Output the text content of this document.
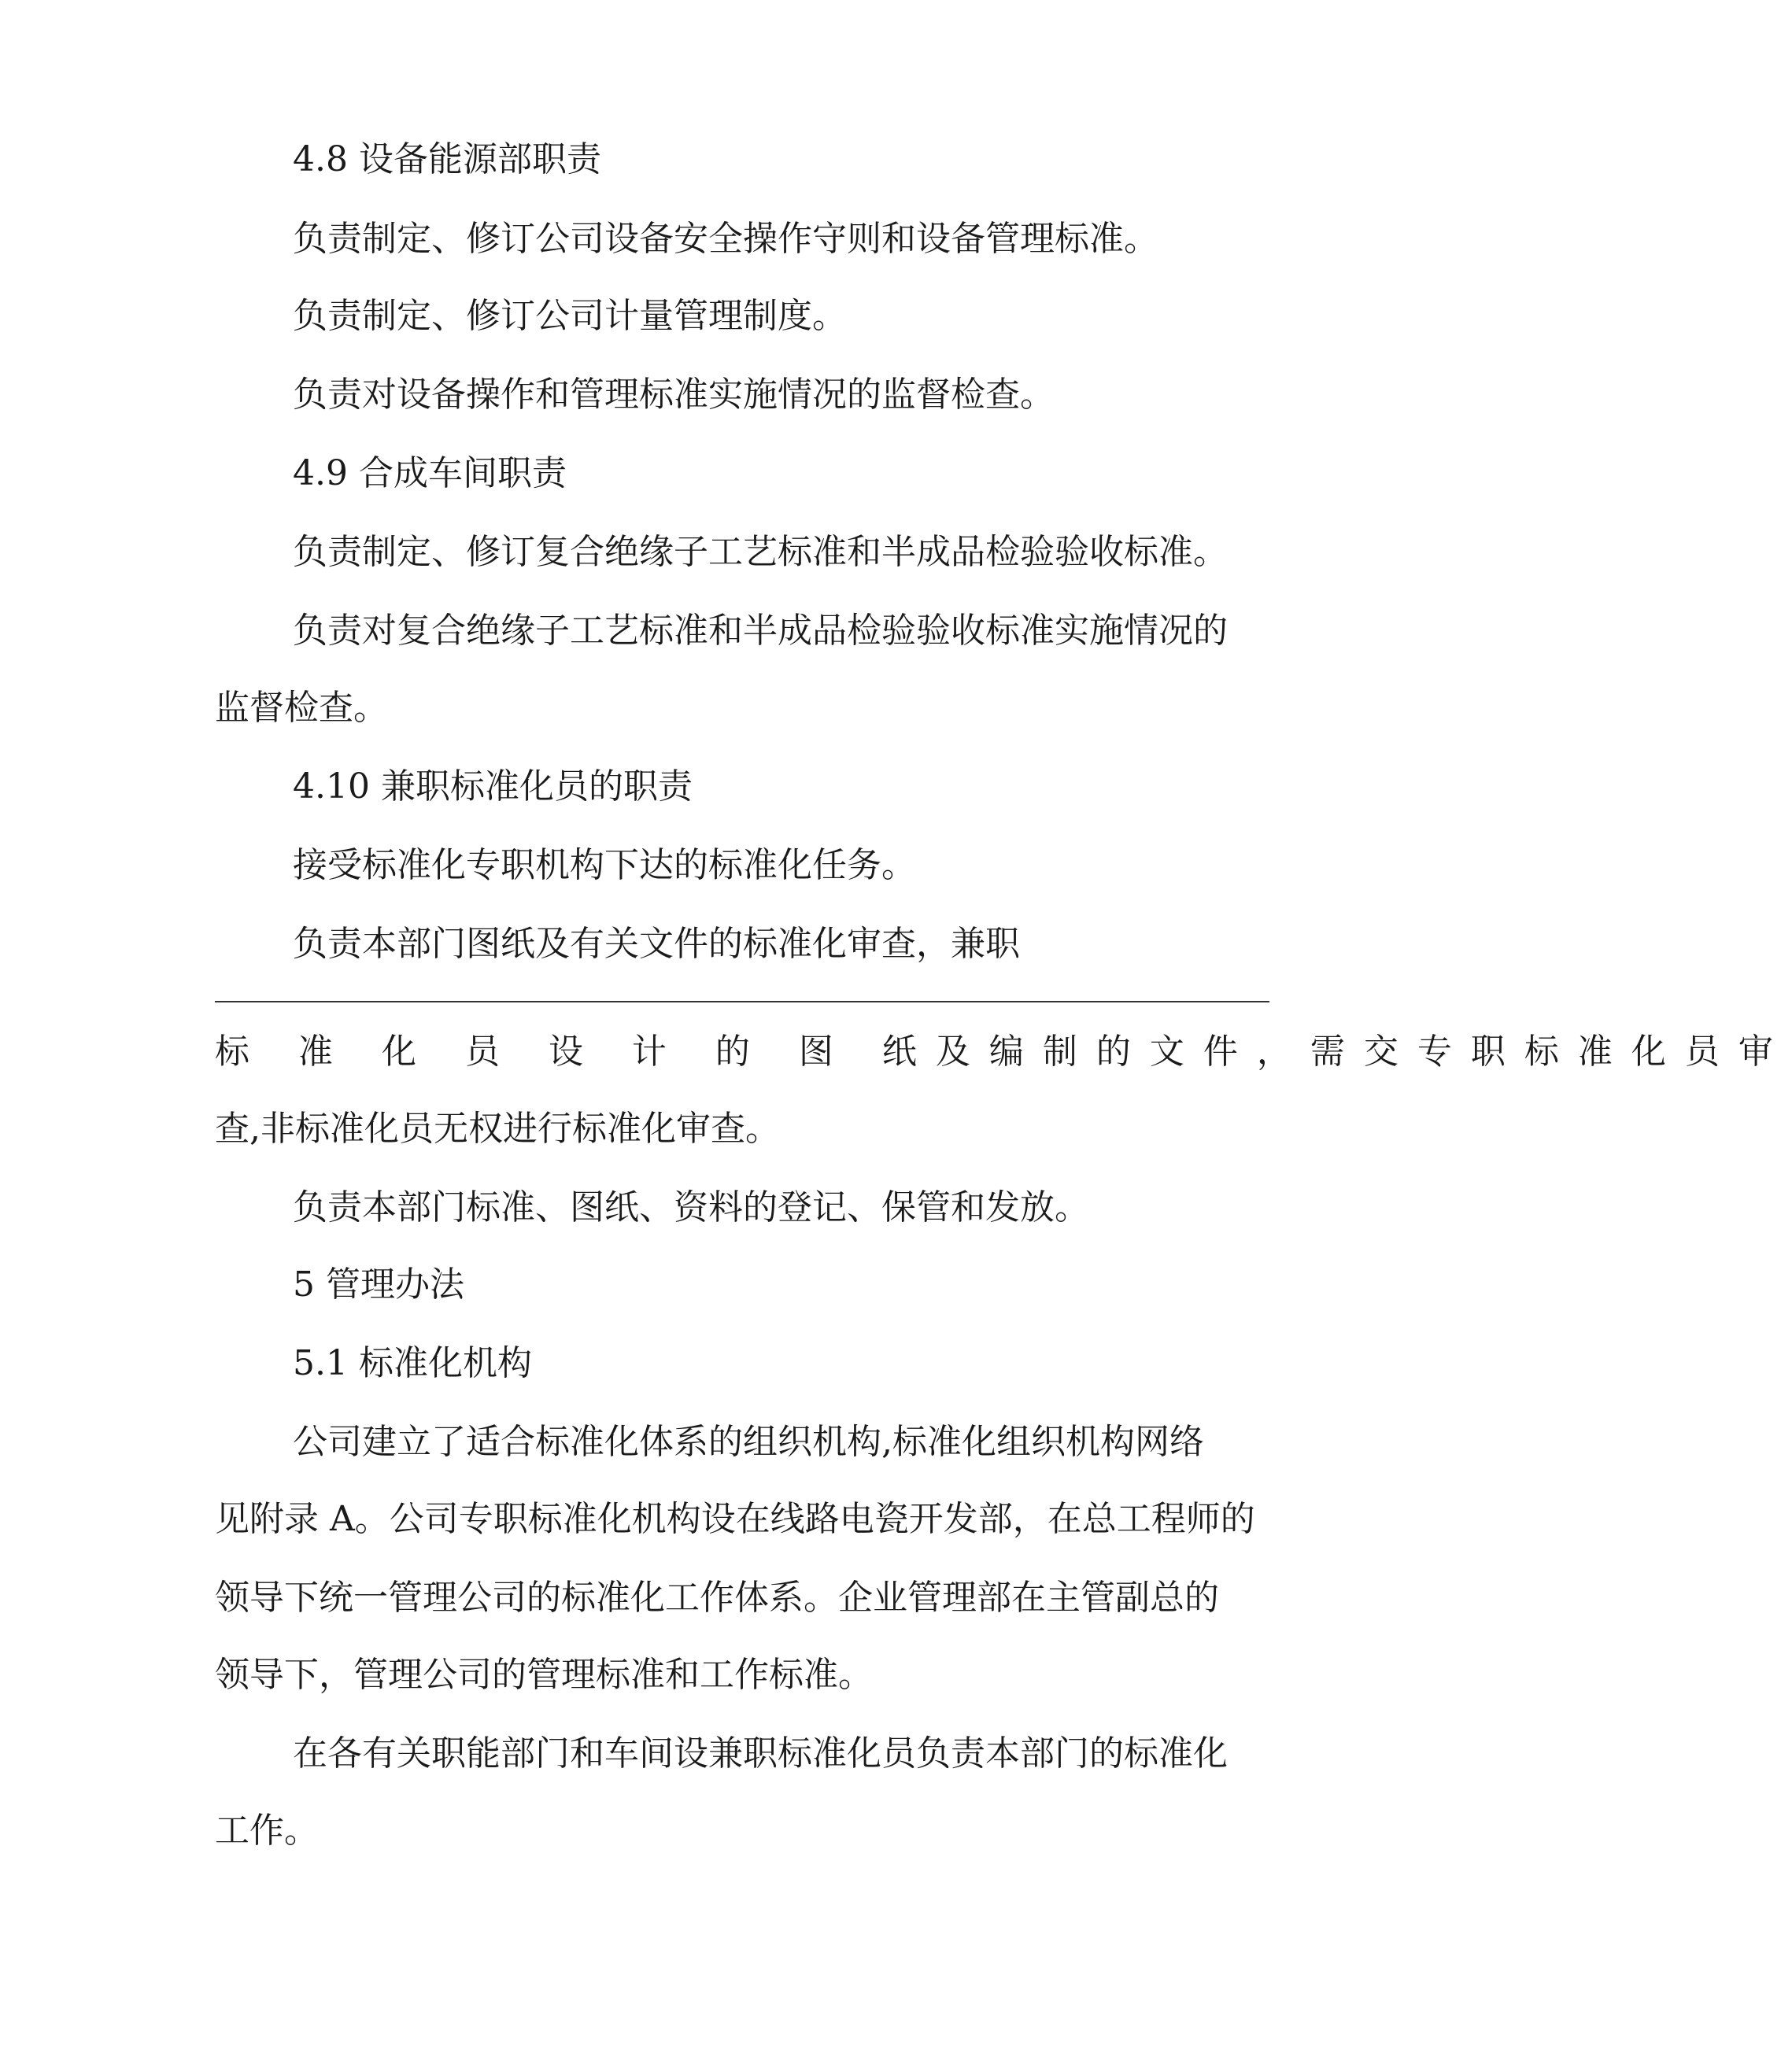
4.8 设备能源部职责
负责制定、修订公司设备安全操作守则和设备管理标准。
负责制定、修订公司计量管理制度。
负责对设备操作和管理标准实施情况的监督检查。
4.9 合成车间职责
负责制定、修订复合绝缘子工艺标准和半成品检验验收标准。
负责对复合绝缘子工艺标准和半成品检验验收标准实施情况的
监督检查。
4.10 兼职标准化员的职责
接受标准化专职机构下达的标准化任务。
负责本部门图纸及有关文件的标准化审查，兼职
标 准 化 员 设 计 的 图 纸及编制的文件，需交专职标准化员审
查,非标准化员无权进行标准化审查。
负责本部门标准、图纸、资料的登记、保管和发放。
5 管理办法
5.1 标准化机构
公司建立了适合标准化体系的组织机构,标准化组织机构网络
见附录 A。公司专职标准化机构设在线路电瓷开发部，在总工程师的
领导下统一管理公司的标准化工作体系。企业管理部在主管副总的
领导下，管理公司的管理标准和工作标准。
在各有关职能部门和车间设兼职标准化员负责本部门的标准化
工作。
